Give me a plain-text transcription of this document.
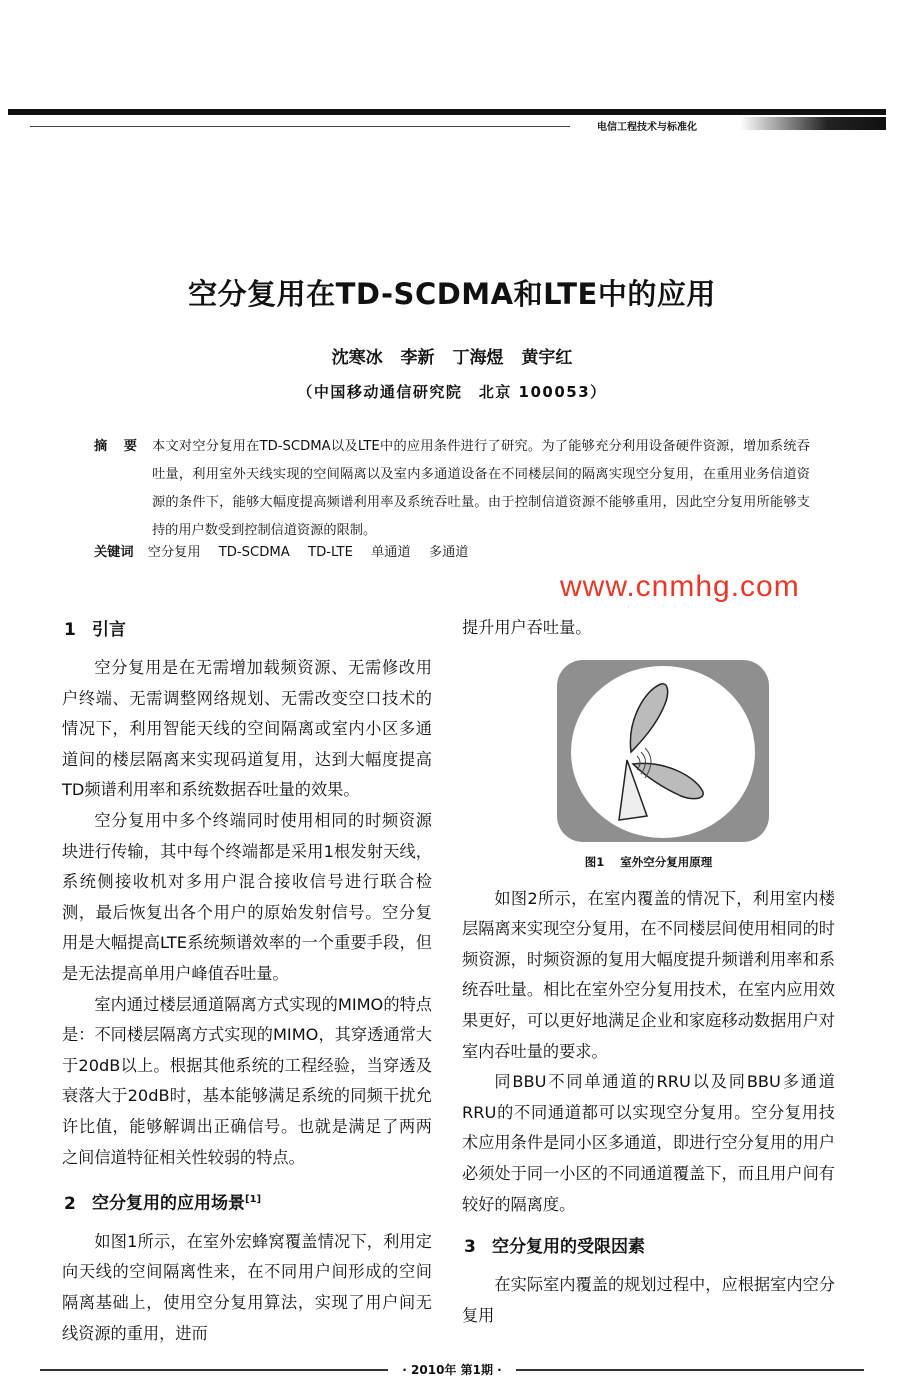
电信工程技术与标准化
空分复用在TD-SCDMA和LTE中的应用
沈寒冰 李新 丁海煜 黄宇红
（中国移动通信研究院　北京 100053）
摘 要 本文对空分复用在TD-SCDMA以及LTE中的应用条件进行了研究。为了能够充分利用设备硬件资源，增加系统吞吐量，利用室外天线实现的空间隔离以及室内多通道设备在不同楼层间的隔离实现空分复用，在重用业务信道资源的条件下，能够大幅度提高频谱利用率及系统吞吐量。由于控制信道资源不能够重用，因此空分复用所能够支持的用户数受到控制信道资源的限制。
关键词 空分复用 TD-SCDMA TD-LTE 单通道 多通道
www.cnmhg.com
1 引言

空分复用是在无需增加载频资源、无需修改用户终端、无需调整网络规划、无需改变空口技术的情况下，利用智能天线的空间隔离或室内小区多通道间的楼层隔离来实现码道复用，达到大幅度提高TD频谱利用率和系统数据吞吐量的效果。

空分复用中多个终端同时使用相同的时频资源块进行传输，其中每个终端都是采用1根发射天线，系统侧接收机对多用户混合接收信号进行联合检测，最后恢复出各个用户的原始发射信号。空分复用是大幅提高LTE系统频谱效率的一个重要手段，但是无法提高单用户峰值吞吐量。

室内通过楼层通道隔离方式实现的MIMO的特点是：不同楼层隔离方式实现的MIMO，其穿透通常大于20dB以上。根据其他系统的工程经验，当穿透及衰落大于20dB时，基本能够满足系统的同频干扰允许比值，能够解调出正确信号。也就是满足了两两之间信道特征相关性较弱的特点。

2 空分复用的应用场景[1]

如图1所示，在室外宏蜂窝覆盖情况下，利用定向天线的空间隔离性来，在不同用户间形成的空间隔离基础上，使用空分复用算法，实现了用户间无线资源的重用，进而

提升用户吞吐量。
图1 室外空分复用原理

如图2所示，在室内覆盖的情况下，利用室内楼层隔离来实现空分复用，在不同楼层间使用相同的时频资源，时频资源的复用大幅度提升频谱利用率和系统吞吐量。相比在室外空分复用技术，在室内应用效果更好，可以更好地满足企业和家庭移动数据用户对室内吞吐量的要求。

同BBU不同单通道的RRU以及同BBU多通道RRU的不同通道都可以实现空分复用。空分复用技术应用条件是同小区多通道，即进行空分复用的用户必须处于同一小区的不同通道覆盖下，而且用户间有较好的隔离度。

3 空分复用的受限因素

在实际室内覆盖的规划过程中，应根据室内空分复用

· 2010年 第1期 ·
